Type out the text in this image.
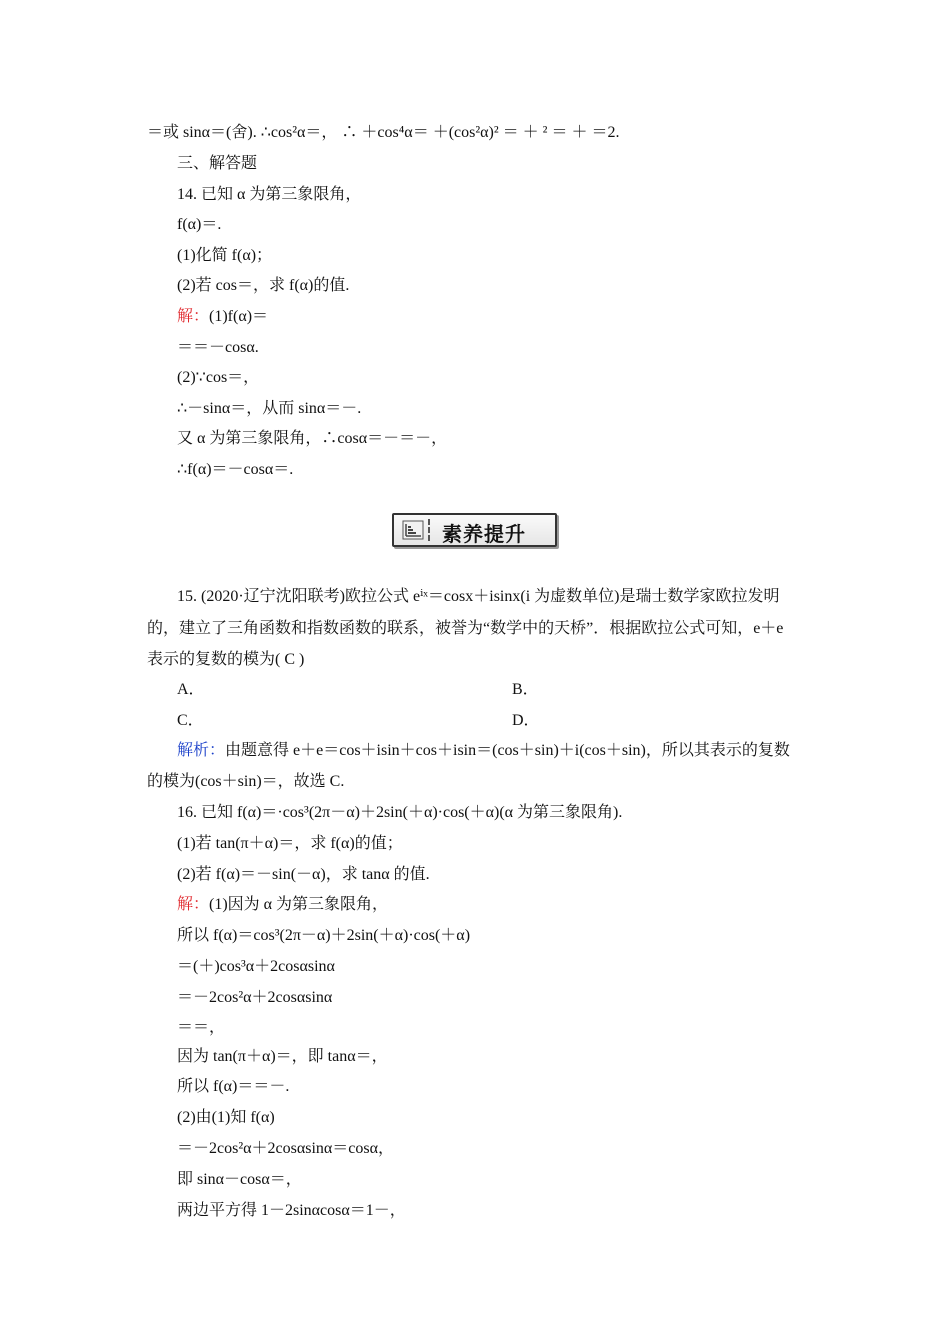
＝或 sinα＝(舍). ∴cos²α＝， ∴ ＋cos⁴α＝ ＋(cos²α)² ＝ ＋ ² ＝ ＋ ＝2.
三、解答题
14. 已知 α 为第三象限角，
f(α)＝.
(1)化简 f(α)；
(2)若 cos＝，求 f(α)的值.
解：(1)f(α)＝
＝＝－cosα.
(2)∵cos＝，
∴－sinα＝，从而 sinα＝－.
又 α 为第三象限角，∴cosα＝－＝－，
∴f(α)＝－cosα＝.
素养提升
15. (2020·辽宁沈阳联考)欧拉公式 eⁱˣ＝cosx＋isinx(i 为虚数单位)是瑞士数学家欧拉发明
的，建立了三角函数和指数函数的联系，被誉为“数学中的天桥”．根据欧拉公式可知，e＋e
表示的复数的模为( C )
A．	B．
C．	D．
解析：由题意得 e＋e＝cos＋isin＋cos＋isin＝(cos＋sin)＋i(cos＋sin)，所以其表示的复数
的模为(cos＋sin)＝，故选 C.
16. 已知 f(α)＝·cos³(2π－α)＋2sin(＋α)·cos(＋α)(α 为第三象限角).
(1)若 tan(π＋α)＝，求 f(α)的值；
(2)若 f(α)＝－sin(－α)，求 tanα 的值.
解：(1)因为 α 为第三象限角，
所以 f(α)＝cos³(2π－α)＋2sin(＋α)·cos(＋α)
＝(＋)cos³α＋2cosαsinα
＝－2cos²α＋2cosαsinα
＝＝，
因为 tan(π＋α)＝，即 tanα＝，
所以 f(α)＝＝－.
(2)由(1)知 f(α)
＝－2cos²α＋2cosαsinα＝cosα，
即 sinα－cosα＝，
两边平方得 1－2sinαcosα＝1－，
